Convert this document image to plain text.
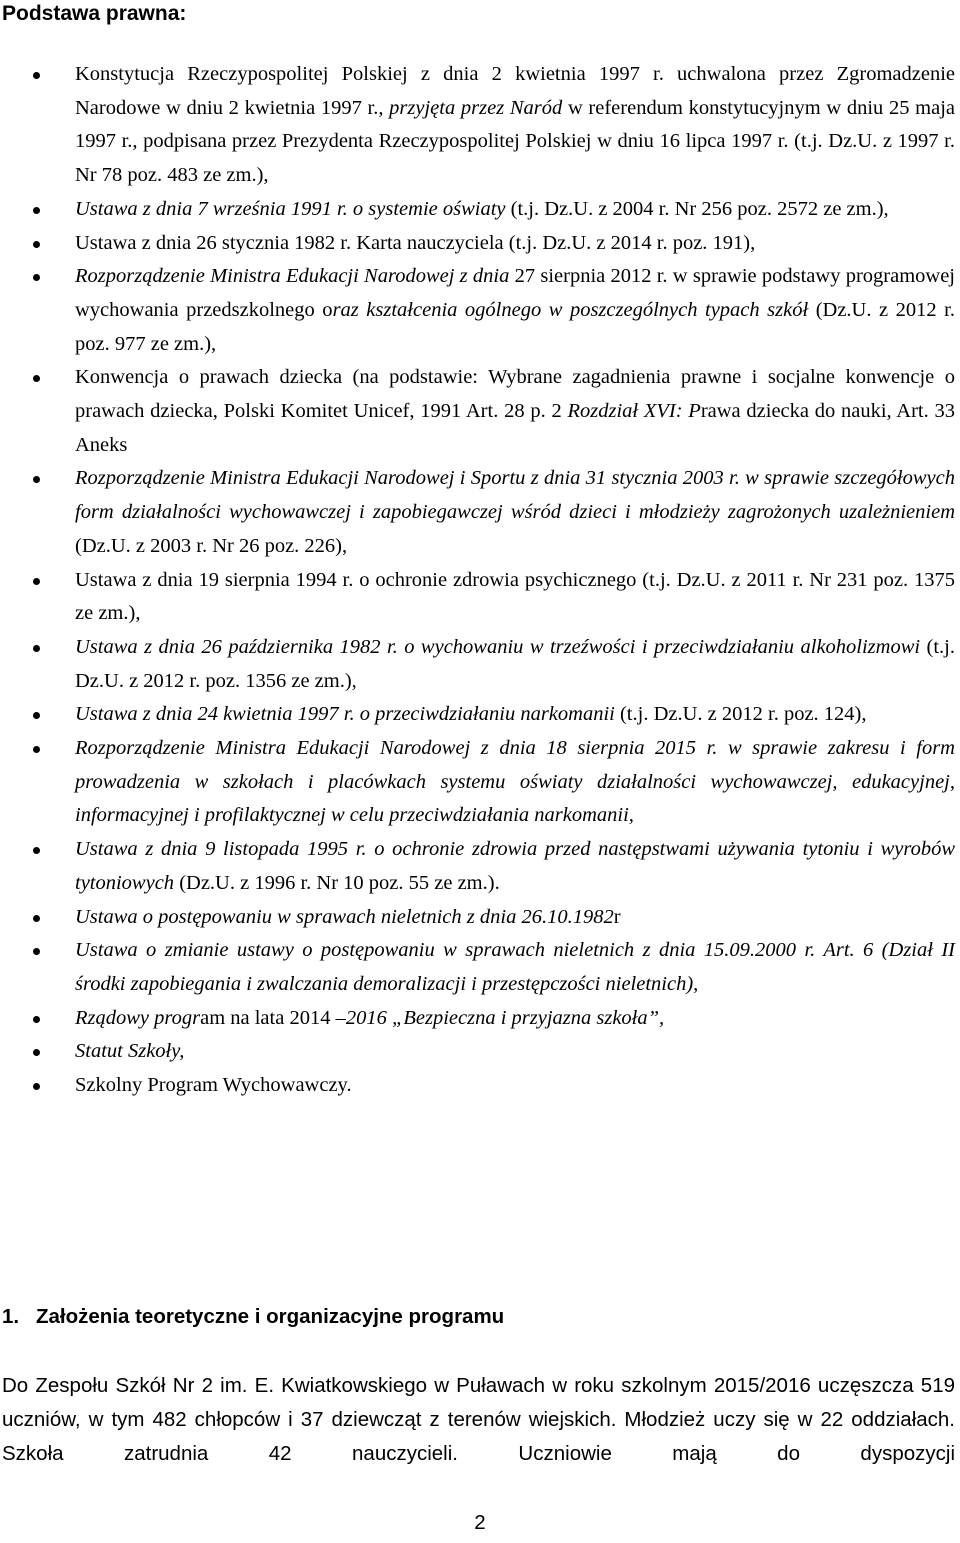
Podstawa prawna:
Konstytucja Rzeczypospolitej Polskiej z dnia 2 kwietnia 1997 r. uchwalona przez Zgromadzenie Narodowe w dniu 2 kwietnia 1997 r., przyjęta przez Naród w referendum konstytucyjnym w dniu 25 maja 1997 r., podpisana przez Prezydenta Rzeczypospolitej Polskiej w dniu 16 lipca 1997 r. (t.j. Dz.U. z 1997 r. Nr 78 poz. 483 ze zm.),
Ustawa z dnia 7 września 1991 r. o systemie oświaty (t.j. Dz.U. z 2004 r. Nr 256 poz. 2572 ze zm.),
Ustawa z dnia 26 stycznia 1982 r. Karta nauczyciela (t.j. Dz.U. z 2014 r. poz. 191),
Rozporządzenie Ministra Edukacji Narodowej z dnia 27 sierpnia 2012 r. w sprawie podstawy programowej wychowania przedszkolnego oraz kształcenia ogólnego w poszczególnych typach szkół (Dz.U. z 2012 r. poz. 977 ze zm.),
Konwencja o prawach dziecka (na podstawie: Wybrane zagadnienia prawne i socjalne konwencje o prawach dziecka, Polski Komitet Unicef, 1991 Art. 28 p. 2 Rozdział XVI: Prawa dziecka do nauki, Art. 33 Aneks
Rozporządzenie Ministra Edukacji Narodowej i Sportu z dnia 31 stycznia 2003 r. w sprawie szczegółowych form działalności wychowawczej i zapobiegawczej wśród dzieci i młodzieży zagrożonych uzależnieniem (Dz.U. z 2003 r. Nr 26 poz. 226),
Ustawa z dnia 19 sierpnia 1994 r. o ochronie zdrowia psychicznego (t.j. Dz.U. z 2011 r. Nr 231 poz. 1375 ze zm.),
Ustawa z dnia 26 października 1982 r. o wychowaniu w trzeźwości i przeciwdziałaniu alkoholizmowi (t.j. Dz.U. z 2012 r. poz. 1356 ze zm.),
Ustawa z dnia 24 kwietnia 1997 r. o przeciwdziałaniu narkomanii (t.j. Dz.U. z 2012 r. poz. 124),
Rozporządzenie Ministra Edukacji Narodowej z dnia 18 sierpnia 2015 r. w sprawie zakresu i form prowadzenia w szkołach i placówkach systemu oświaty działalności wychowawczej, edukacyjnej, informacyjnej i profilaktycznej w celu przeciwdziałania narkomanii,
Ustawa z dnia 9 listopada 1995 r. o ochronie zdrowia przed następstwami używania tytoniu i wyrobów tytoniowych (Dz.U. z 1996 r. Nr 10 poz. 55 ze zm.).
Ustawa o postępowaniu w sprawach nieletnich z dnia 26.10.1982r
Ustawa o zmianie ustawy o postępowaniu w sprawach nieletnich z dnia 15.09.2000 r. Art. 6 (Dział II środki zapobiegania i zwalczania demoralizacji i przestępczości nieletnich),
Rządowy program na lata 2014 –2016 „Bezpieczna i przyjazna szkoła”,
Statut Szkoły,
Szkolny Program Wychowawczy.
1. Założenia teoretyczne i organizacyjne programu

Do Zespołu Szkół Nr 2 im. E. Kwiatkowskiego w Puławach w roku szkolnym 2015/2016 uczęszcza 519 uczniów, w tym 482 chłopców i 37 dziewcząt z terenów wiejskich. Młodzież uczy się w 22 oddziałach. Szkoła zatrudnia 42 nauczycieli. Uczniowie mają do dyspozycji

2
